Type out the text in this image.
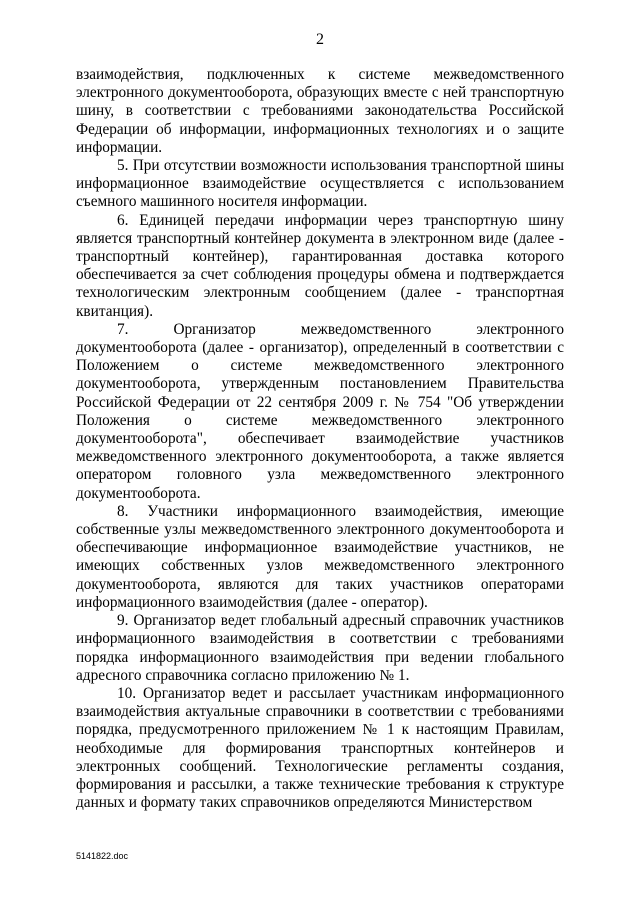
2

взаимодействия, подключенных к системе межведомственного электронного документооборота, образующих вместе с ней транспортную шину, в соответствии с требованиями законодательства Российской Федерации об информации, информационных технологиях и о защите информации.

5. При отсутствии возможности использования транспортной шины информационное взаимодействие осуществляется с использованием съемного машинного носителя информации.

6. Единицей передачи информации через транспортную шину является транспортный контейнер документа в электронном виде (далее - транспортный контейнер), гарантированная доставка которого обеспечивается за счет соблюдения процедуры обмена и подтверждается технологическим электронным сообщением (далее - транспортная квитанция).

7. Организатор межведомственного электронного документооборота (далее - организатор), определенный в соответствии с Положением о системе межведомственного электронного документооборота, утвержденным постановлением Правительства Российской Федерации от 22 сентября 2009 г. № 754 "Об утверждении Положения о системе межведомственного электронного документооборота", обеспечивает взаимодействие участников межведомственного электронного документооборота, а также является оператором головного узла межведомственного электронного документооборота.

8. Участники информационного взаимодействия, имеющие собственные узлы межведомственного электронного документооборота и обеспечивающие информационное взаимодействие участников, не имеющих собственных узлов межведомственного электронного документооборота, являются для таких участников операторами информационного взаимодействия (далее - оператор).

9. Организатор ведет глобальный адресный справочник участников информационного взаимодействия в соответствии с требованиями порядка информационного взаимодействия при ведении глобального адресного справочника согласно приложению № 1.

10. Организатор ведет и рассылает участникам информационного взаимодействия актуальные справочники в соответствии с требованиями порядка, предусмотренного приложением № 1 к настоящим Правилам, необходимые для формирования транспортных контейнеров и электронных сообщений. Технологические регламенты создания, формирования и рассылки, а также технические требования к структуре данных и формату таких справочников определяются Министерством

5141822.doc
